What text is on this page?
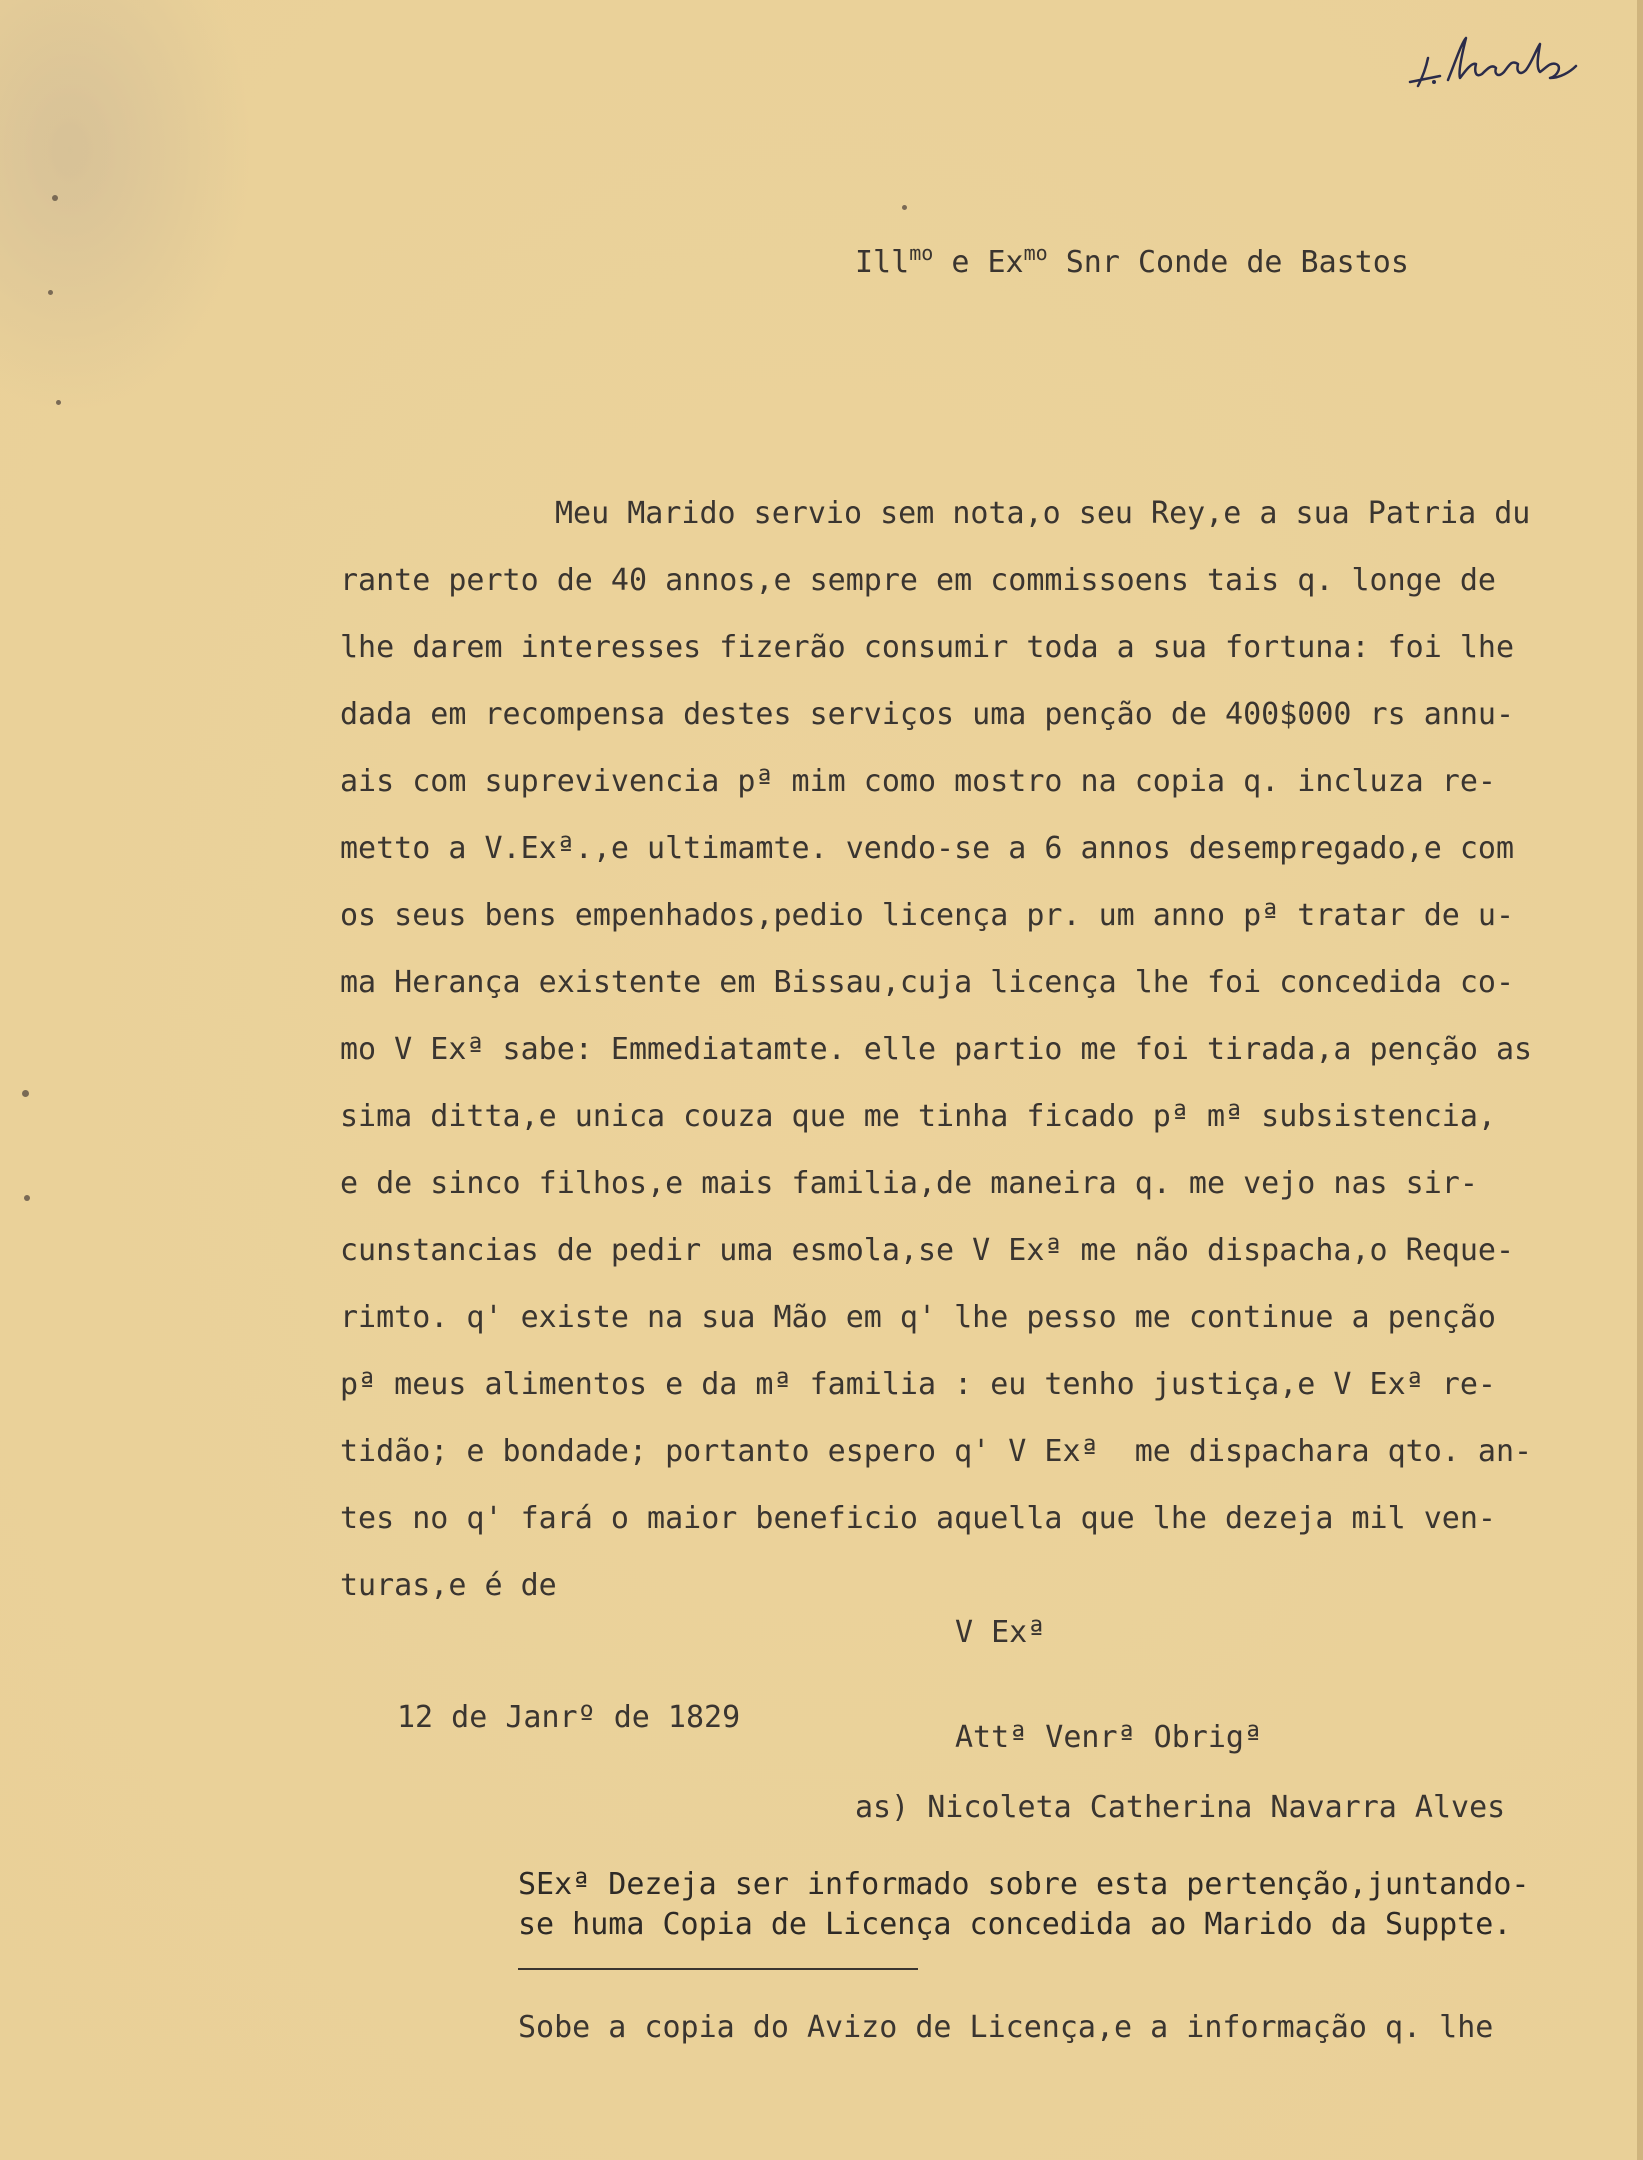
Ill$^{mo}$ e $Ex^{mo}$ Snr Conde de Bastos
Meu Marido servio sem nota,o seu Rey,e a sua Patria du
rante perto de 40 annos,e sempre em commissoens tais q. longe de
lhe darem interesses fizerão consumir toda a sua fortuna: foi lhe
dada em recompensa destes serviços uma penção de 400$000 rs annu-
ais com suprevivencia pª mim como mostro na copia q. incluza re-
metto a V.Exª.,e ultimamte. vendo-se a 6 annos desempregado,e com
os seus bens empenhados,pedio licença pr. um anno pª tratar de u-
ma Herança existente em Bissau,cuja licença lhe foi concedida co-
mo V Exª sabe: Emmediatamte. elle partio me foi tirada,a penção as
sima ditta,e unica couza que me tinha ficado pª mª subsistencia,
e de sinco filhos,e mais familia,de maneira q. me vejo nas sir-
cunstancias de pedir uma esmola,se V Exª me não dispacha,o Reque-
rimto. q' existe na sua Mão em q' lhe pesso me continue a penção
pª meus alimentos e da mª familia : eu tenho justiça,e V Exª re-
tidão; e bondade; portanto espero q' V Exª  me dispachara qto. an-
tes no q' fará o maior beneficio aquella que lhe dezeja mil ven-
turas,e é de
V Exª
12 de Janrº de 1829
Attª Venrª Obrigª
as) Nicoleta Catherina Navarra Alves
SExª Dezeja ser informado sobre esta pertenção,juntando-
se huma Copia de Licença concedida ao Marido da Suppte.
Sobe a copia do Avizo de Licença,e a informação q. lhe
